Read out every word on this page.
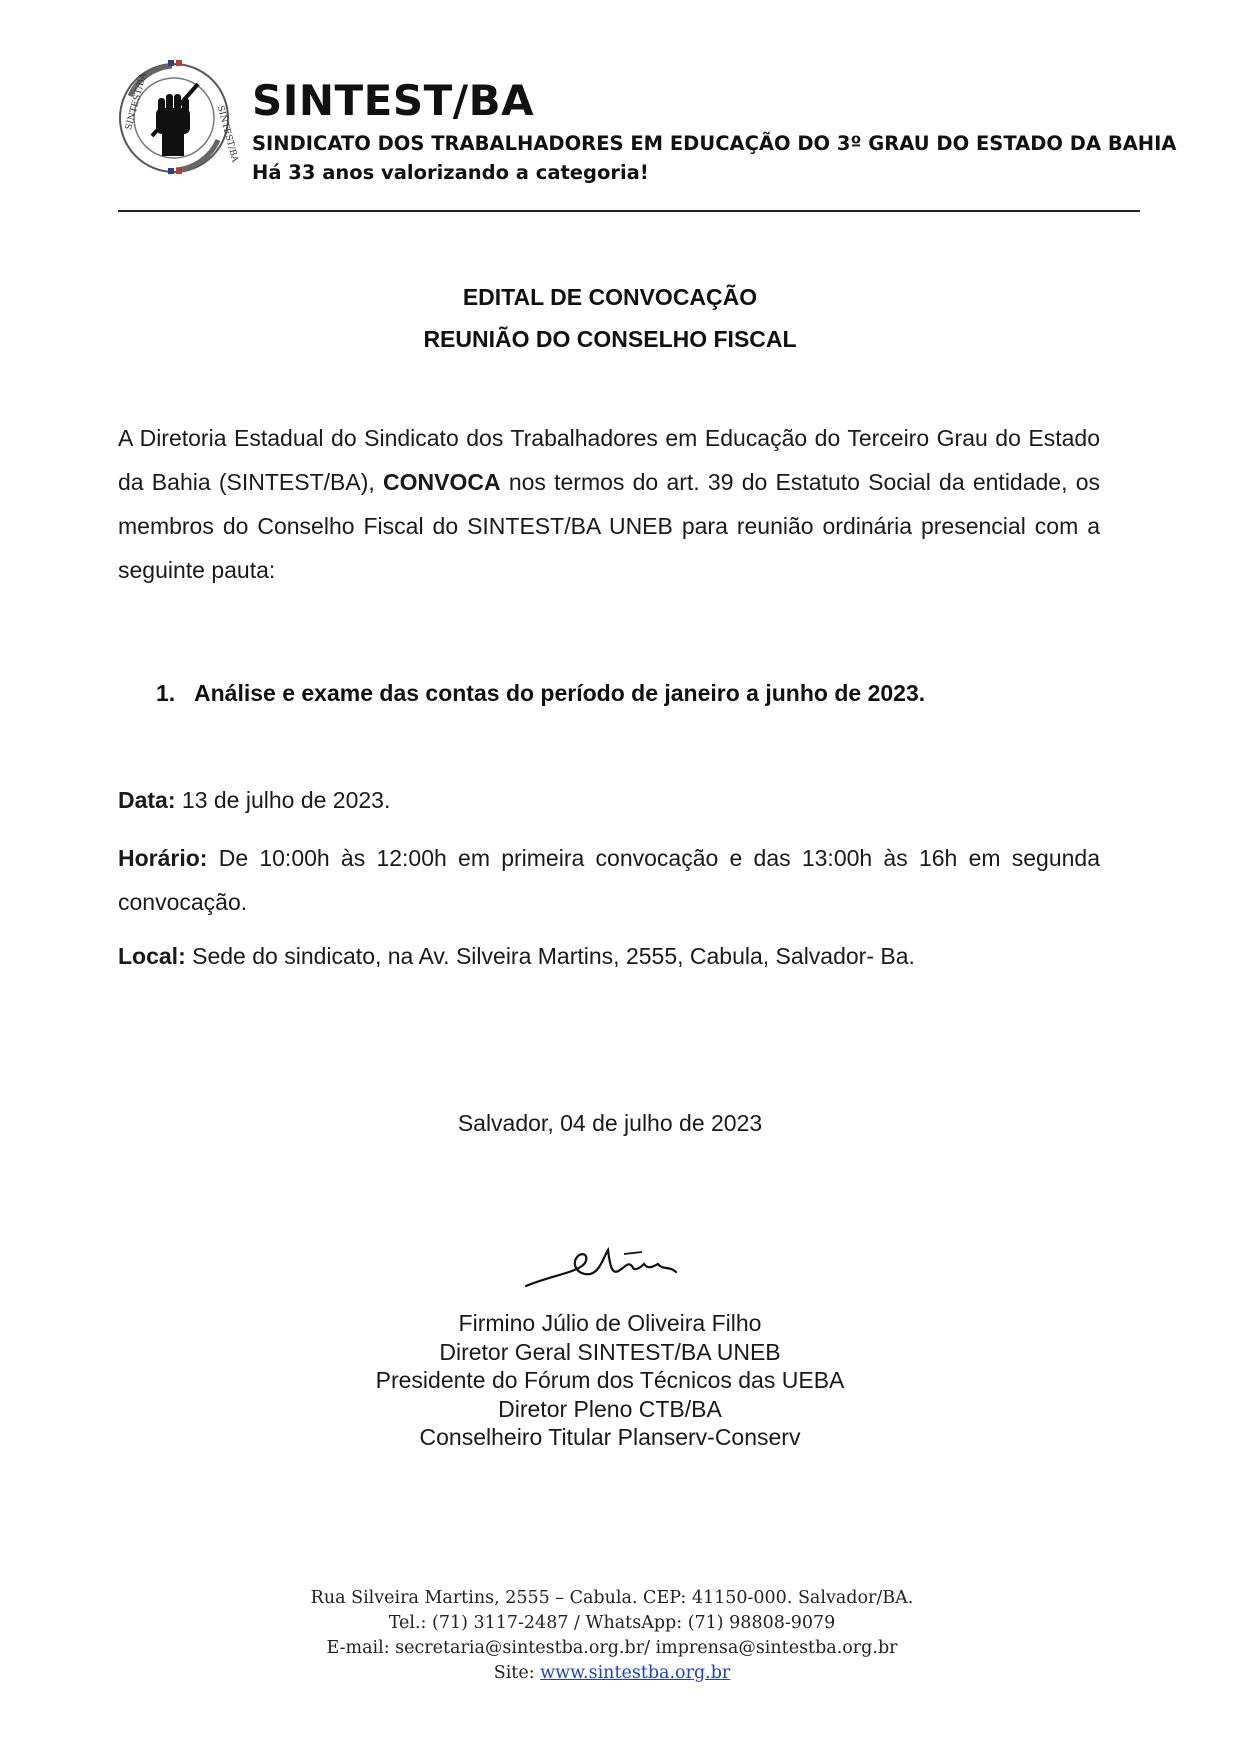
SINTEST/BA
SINTEST/BA
SINTEST/BA
SINDICATO DOS TRABALHADORES EM EDUCAÇÃO DO 3º GRAU DO ESTADO DA BAHIA
Há 33 anos valorizando a categoria!
EDITAL DE CONVOCAÇÃO
REUNIÃO DO CONSELHO FISCAL
A Diretoria Estadual do Sindicato dos Trabalhadores em Educação do Terceiro Grau do Estado da Bahia (SINTEST/BA), CONVOCA nos termos do art. 39 do Estatuto Social da entidade, os membros do Conselho Fiscal do SINTEST/BA UNEB para reunião ordinária presencial com a seguinte pauta:
1. Análise e exame das contas do período de janeiro a junho de 2023.
Data: 13 de julho de 2023.
Horário: De 10:00h às 12:00h em primeira convocação e das 13:00h às 16h em segunda convocação.
Local: Sede do sindicato, na Av. Silveira Martins, 2555, Cabula, Salvador- Ba.
Salvador, 04 de julho de 2023
Firmino Júlio de Oliveira Filho
Diretor Geral SINTEST/BA UNEB
Presidente do Fórum dos Técnicos das UEBA
Diretor Pleno CTB/BA
Conselheiro Titular Planserv-Conserv
Rua Silveira Martins, 2555 – Cabula. CEP: 41150-000. Salvador/BA.
Tel.: (71) 3117-2487 / WhatsApp: (71) 98808-9079
E-mail: secretaria@sintestba.org.br/ imprensa@sintestba.org.br
Site: www.sintestba.org.br
